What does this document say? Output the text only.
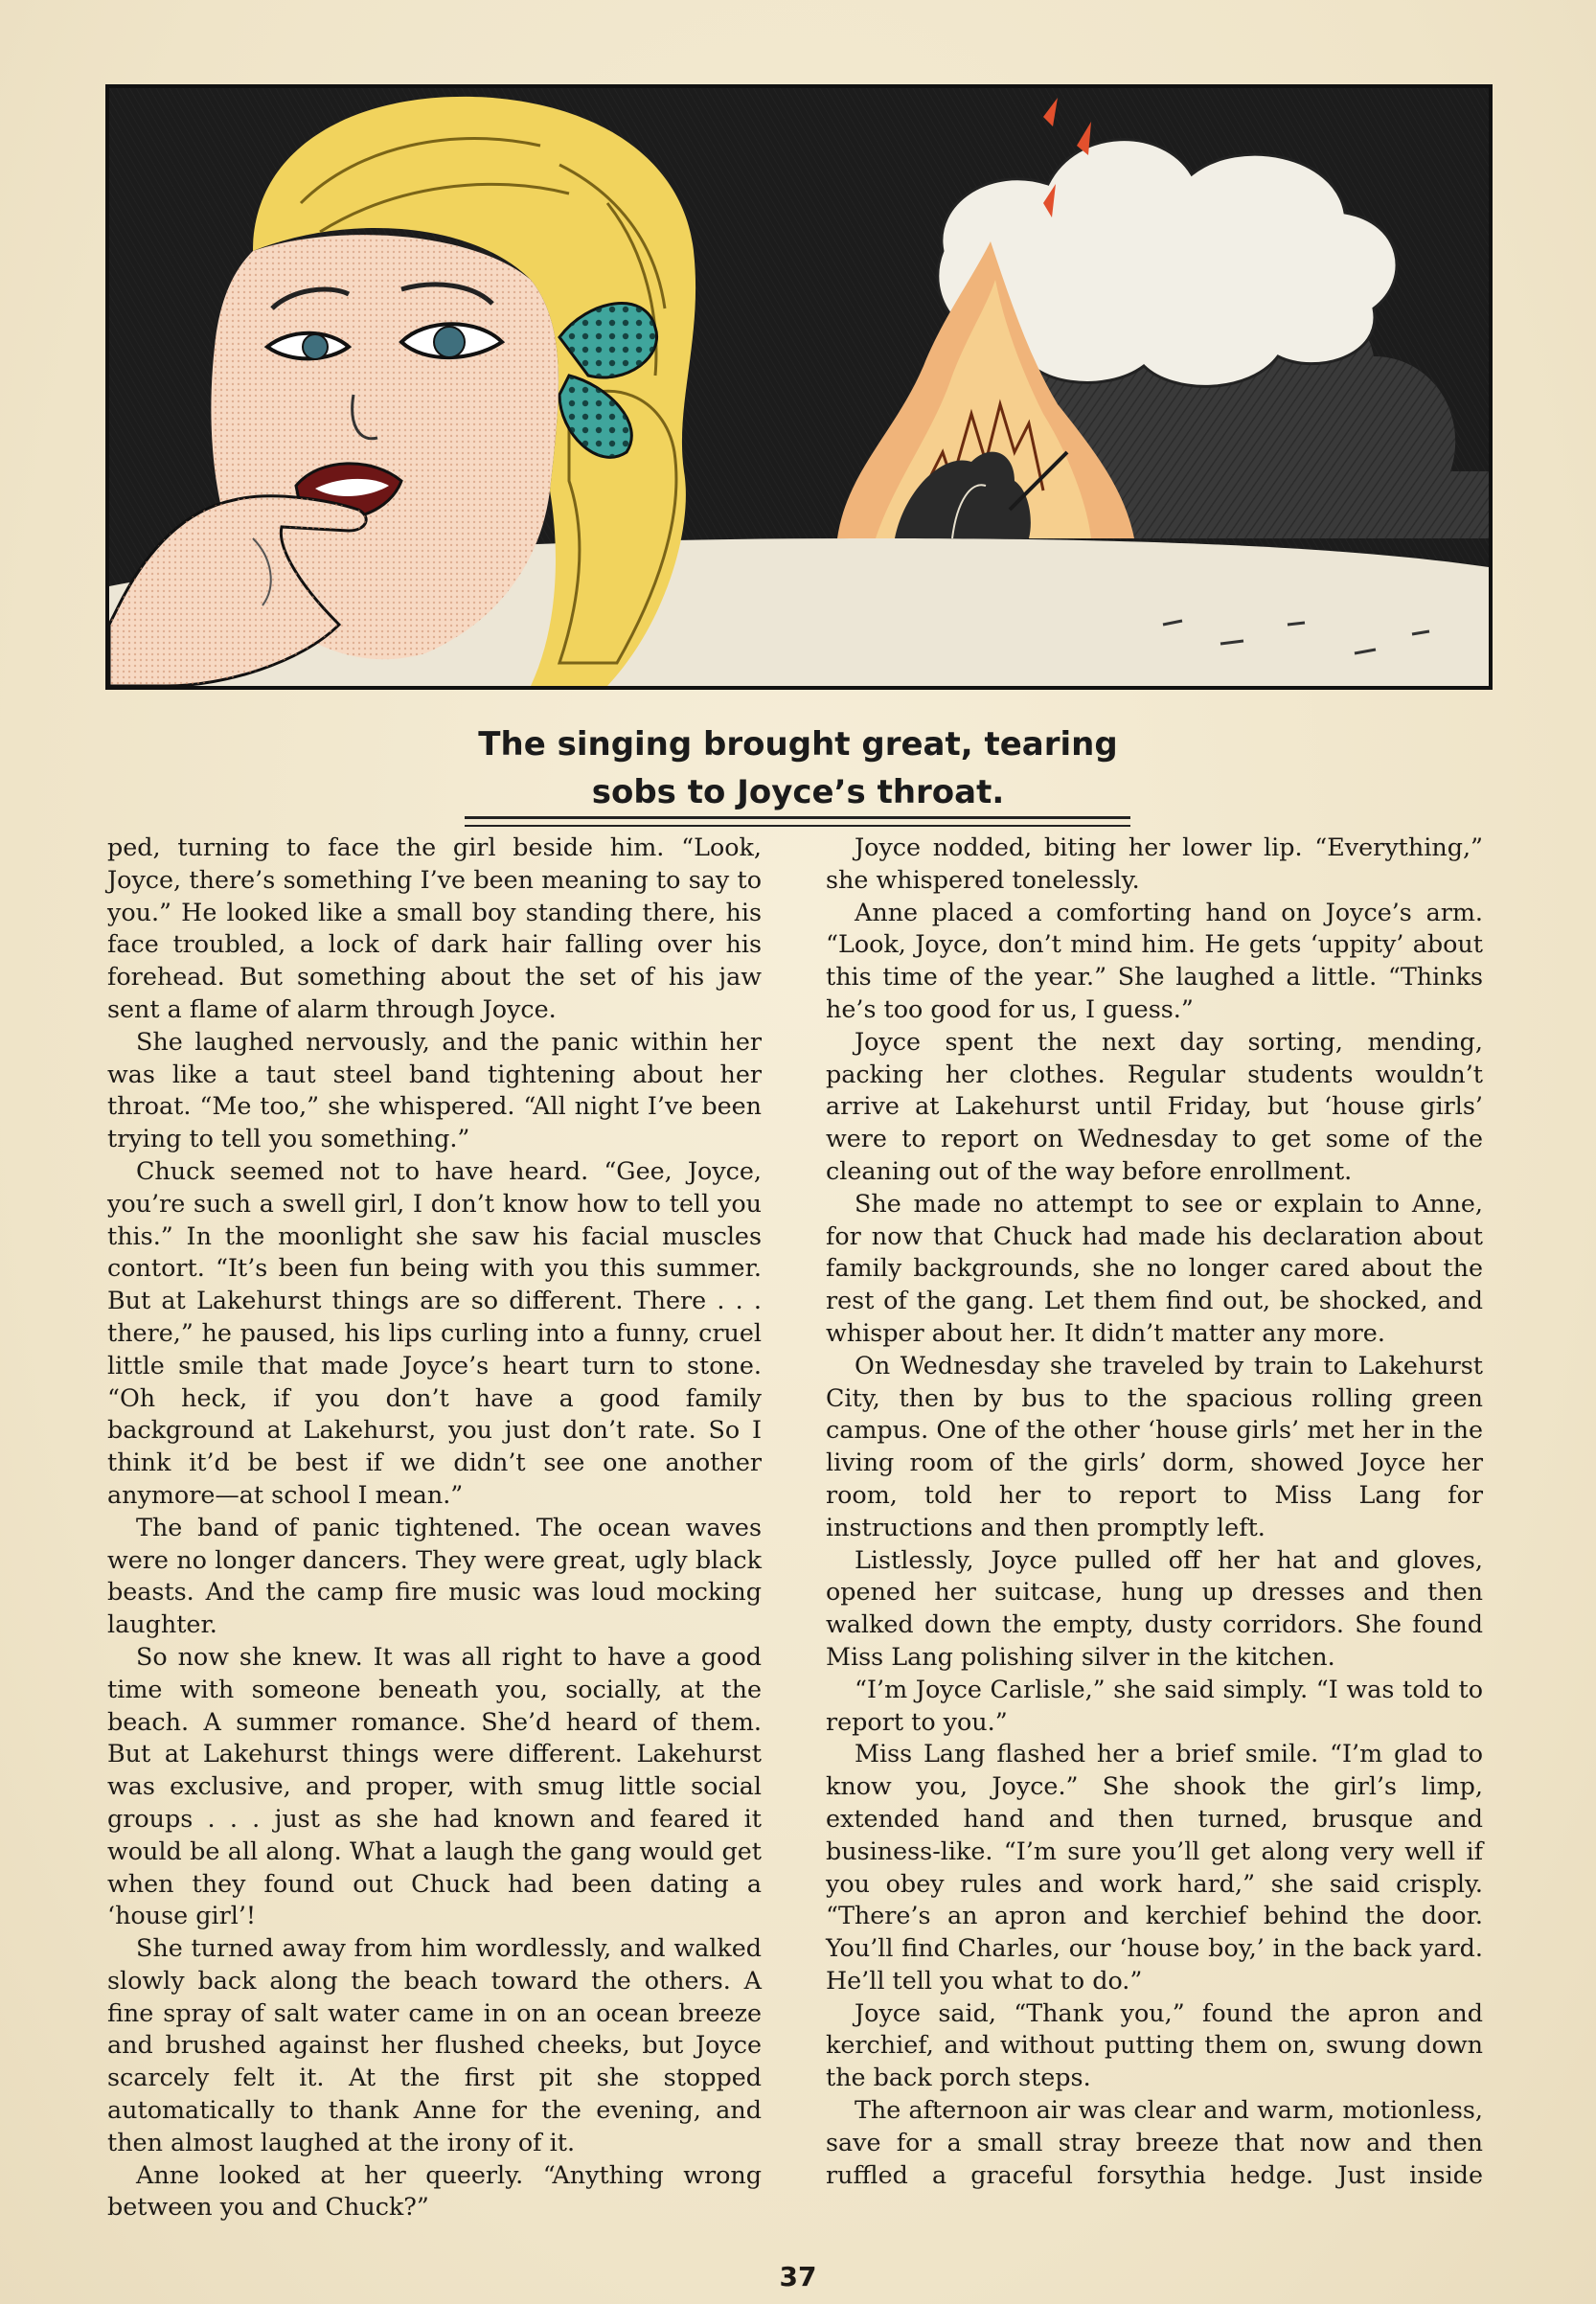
The singing brought great, tearing
sobs to Joyce’s throat.

ped, turning to face the girl beside him. “Look, Joyce, there’s something I’ve been meaning to say to you.” He looked like a small boy standing there, his face troubled, a lock of dark hair falling over his forehead. But something about the set of his jaw sent a flame of alarm through Joyce.

She laughed nervously, and the panic within her was like a taut steel band tightening about her throat. “Me too,” she whispered. “All night I’ve been trying to tell you something.”

Chuck seemed not to have heard. “Gee, Joyce, you’re such a swell girl, I don’t know how to tell you this.” In the moonlight she saw his facial muscles contort. “It’s been fun being with you this summer. But at Lakehurst things are so different. There . . . there,” he paused, his lips curling into a funny, cruel little smile that made Joyce’s heart turn to stone. “Oh heck, if you don’t have a good family background at Lakehurst, you just don’t rate. So I think it’d be best if we didn’t see one another anymore—at school I mean.”

The band of panic tightened. The ocean waves were no longer dancers. They were great, ugly black beasts. And the camp fire music was loud mocking laughter.

So now she knew. It was all right to have a good time with someone beneath you, socially, at the beach. A summer romance. She’d heard of them. But at Lakehurst things were different. Lakehurst was exclusive, and proper, with smug little social groups . . . just as she had known and feared it would be all along. What a laugh the gang would get when they found out Chuck had been dating a ‘house girl’!

She turned away from him wordlessly, and walked slowly back along the beach toward the others. A fine spray of salt water came in on an ocean breeze and brushed against her flushed cheeks, but Joyce scarcely felt it. At the first pit she stopped automatically to thank Anne for the evening, and then almost laughed at the irony of it.

Anne looked at her queerly. “Anything wrong between you and Chuck?”

Joyce nodded, biting her lower lip. “Everything,” she whispered tonelessly.

Anne placed a comforting hand on Joyce’s arm. “Look, Joyce, don’t mind him. He gets ‘uppity’ about this time of the year.” She laughed a little. “Thinks he’s too good for us, I guess.”

Joyce spent the next day sorting, mending, packing her clothes. Regular students wouldn’t arrive at Lakehurst until Friday, but ‘house girls’ were to report on Wednesday to get some of the cleaning out of the way before enrollment.

She made no attempt to see or explain to Anne, for now that Chuck had made his declaration about family backgrounds, she no longer cared about the rest of the gang. Let them find out, be shocked, and whisper about her. It didn’t matter any more.

On Wednesday she traveled by train to Lakehurst City, then by bus to the spacious rolling green campus. One of the other ‘house girls’ met her in the living room of the girls’ dorm, showed Joyce her room, told her to report to Miss Lang for instructions and then promptly left.

Listlessly, Joyce pulled off her hat and gloves, opened her suitcase, hung up dresses and then walked down the empty, dusty corridors. She found Miss Lang polishing silver in the kitchen.

“I’m Joyce Carlisle,” she said simply. “I was told to report to you.”

Miss Lang flashed her a brief smile. “I’m glad to know you, Joyce.” She shook the girl’s limp, extended hand and then turned, brusque and business-like. “I’m sure you’ll get along very well if you obey rules and work hard,” she said crisply. “There’s an apron and kerchief behind the door. You’ll find Charles, our ‘house boy,’ in the back yard. He’ll tell you what to do.”

Joyce said, “Thank you,” found the apron and kerchief, and without putting them on, swung down the back porch steps.

The afternoon air was clear and warm, motionless, save for a small stray breeze that now and then ruffled a graceful forsythia hedge. Just inside

37
